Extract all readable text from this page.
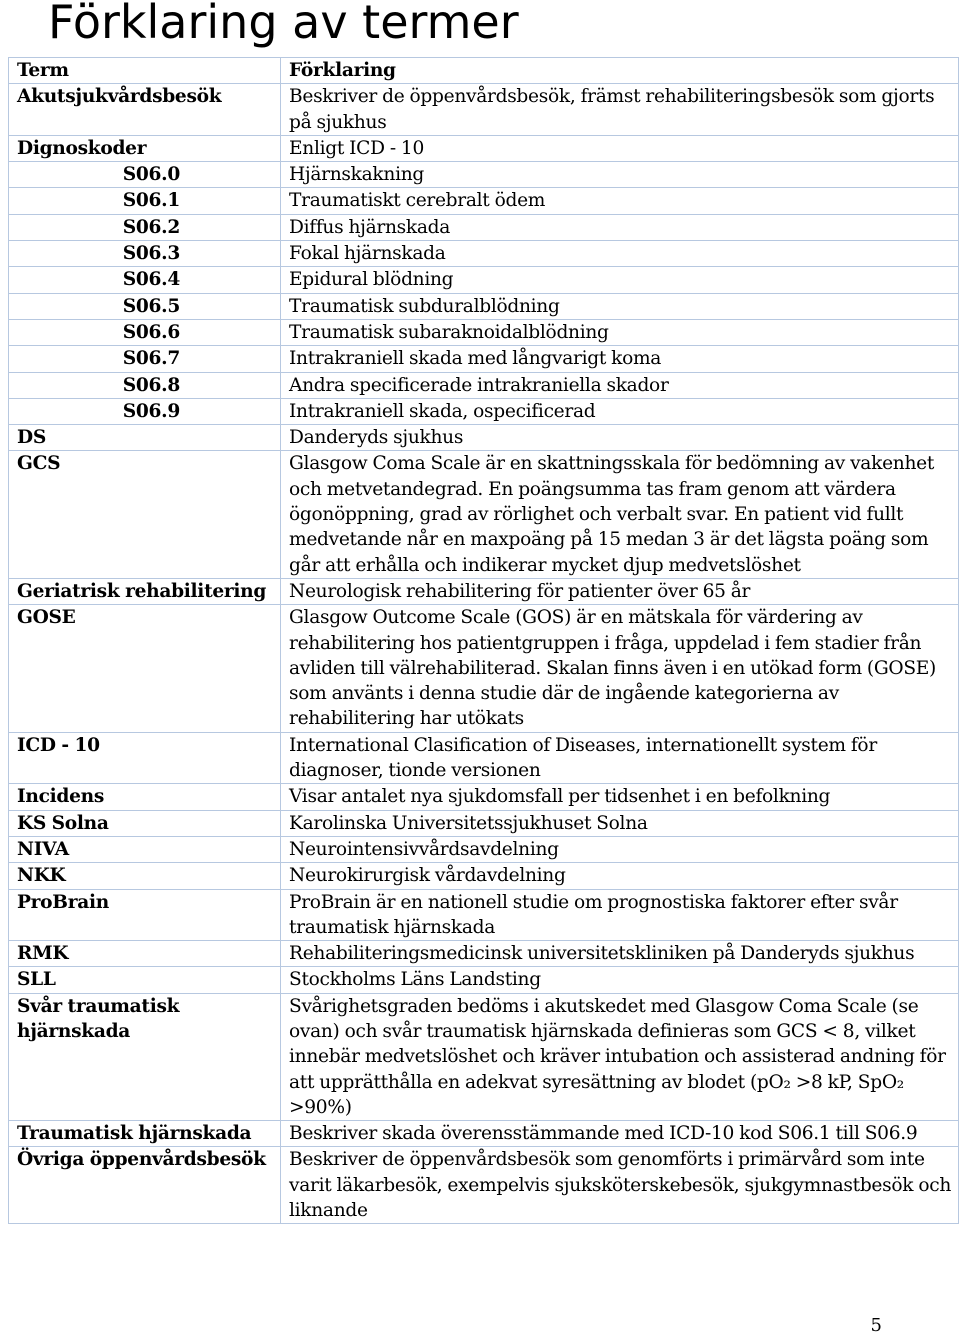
Förklaring av termer
Term	Förklaring
Akutsjukvårdsbesök	Beskriver de öppenvårdsbesök, främst rehabiliteringsbesök som gjorts på sjukhus
Dignoskoder	Enligt ICD - 10
S06.0	Hjärnskakning
S06.1	Traumatiskt cerebralt ödem
S06.2	Diffus hjärnskada
S06.3	Fokal hjärnskada
S06.4	Epidural blödning
S06.5	Traumatisk subduralblödning
S06.6	Traumatisk subaraknoidalblödning
S06.7	Intrakraniell skada med långvarigt koma
S06.8	Andra specificerade intrakraniella skador
S06.9	Intrakraniell skada, ospecificerad
DS	Danderyds sjukhus
GCS	Glasgow Coma Scale är en skattningsskala för bedömning av vakenhet och metvetandegrad. En poängsumma tas fram genom att värdera ögonöppning, grad av rörlighet och verbalt svar. En patient vid fullt medvetande når en maxpoäng på 15 medan 3 är det lägsta poäng som går att erhålla och indikerar mycket djup medvetslöshet
Geriatrisk rehabilitering	Neurologisk rehabilitering för patienter över 65 år
GOSE	Glasgow Outcome Scale (GOS) är en mätskala för värdering av rehabilitering hos patientgruppen i fråga, uppdelad i fem stadier från avliden till välrehabiliterad. Skalan finns även i en utökad form (GOSE) som använts i denna studie där de ingående kategorierna av rehabilitering har utökats
ICD - 10	International Clasification of Diseases, internationellt system för diagnoser, tionde versionen
Incidens	Visar antalet nya sjukdomsfall per tidsenhet i en befolkning
KS Solna	Karolinska Universitetssjukhuset Solna
NIVA	Neurointensivvårdsavdelning
NKK	Neurokirurgisk vårdavdelning
ProBrain	ProBrain är en nationell studie om prognostiska faktorer efter svår traumatisk hjärnskada
RMK	Rehabiliteringsmedicinsk universitetskliniken på Danderyds sjukhus
SLL	Stockholms Läns Landsting
Svår traumatisk hjärnskada	Svårighetsgraden bedöms i akutskedet med Glasgow Coma Scale (se ovan) och svår traumatisk hjärnskada definieras som GCS < 8, vilket innebär medvetslöshet och kräver intubation och assisterad andning för att upprätthålla en adekvat syresättning av blodet (pO₂ >8 kP, SpO₂ >90%)
Traumatisk hjärnskada	Beskriver skada överensstämmande med ICD-10 kod S06.1 till S06.9
Övriga öppenvårdsbesök	Beskriver de öppenvårdsbesök som genomförts i primärvård som inte varit läkarbesök, exempelvis sjuksköterskebesök, sjukgymnastbesök och liknande
5
